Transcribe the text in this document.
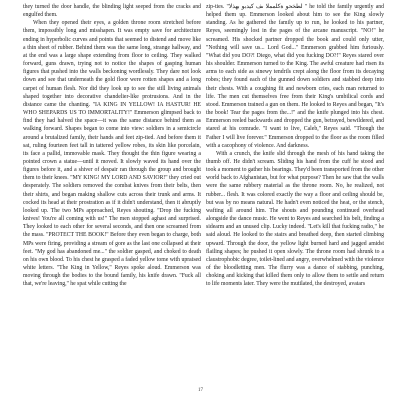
they turned the door handle, the blinding light seeped from the cracks and engulfed them.

When they opened their eyes, a golden throne room stretched before them, impossibly long and misshapen. It was empty save for architecture ending in hyperbolic curves and points that seemed to distend and move like a thin sheet of rubber. Behind them was the same long, strange hallway, and at the end was a large shape extending from floor to ceiling. They walked forward, guns drawn, trying not to notice the shapes of gasping human figures that pushed into the walls beckoning wordlessly. They dare not look down and see that underneath the gold floor were rotten shapes and a long carpet of human flesh. Nor did they look up to see the still living animals shaped together into decorative chandelier-like protrusions. And in the distance came the chanting. "IA KING IN YELLOW! IA HASTUR! HE WHO SHEPARDS US TO IMMORTALITY!" Emmerson glimpsed back to find they had halved the space—it was the same distance behind them as walking forward. Shapes began to come into view: soldiers in a semicircle around a brutalized family, their hands and feet zip-tied. And before them it sat, ruling fourteen feet tall in tattered yellow robes, its skin like porcelain, its face a pallid, immovable mask. They thought the thin figure wearing a pointed crown a statue—until it moved. It slowly waved its hand over the figures before it, and a shiver of despair ran through the group and brought them to their knees. "MY KING! MY LORD AND SAVIOR!" they cried out desperately. The soldiers removed the combat knives from their belts, then their shirts, and began making shallow cuts across their trunk and arms. It cocked its head at their prostration as if it didn't understand, then it abruptly looked up. The two MPs approached, Reyes shouting. "Drop the fucking knives! You're all coming with us!" The men stopped aghast and surprised. They looked to each other for several seconds, and then one screamed from the mass. "PROTECT THE BOOK!" Before they even began to charge, both MPs were firing, providing a stream of gore as the last one collapsed at their feet. "My god has abandoned me..." the soldier gasped, and choked to death on his own blood. To his chest he grasped a faded yellow tome with upraised white letters. "The King in Yellow," Reyes spoke aloud. Emmerson was moving through the bodies to the bound family, his knife drawn. "Fuck all that, we're leaving," he spat while cutting the

zip-ties. "لطخحو ةكلمملا ىف كيدبو بهذلا " he told the family urgently and helped them up. Emmerson looked about him to see the King slowly standing. As he gathered the family up to run, he looked to his partner, Reyes, seemingly lost in the pages of the arcane manuscript. "NO!" he screamed. His shocked partner dropped the book and could only utter, "Nothing will save us... Lord God..." Emmerson grabbed him furiously. "What did you DO?! Diego, what did you fucking DO?!" Reyes stared over his shoulder. Emmerson turned to the King. The awful creature had risen its arms to each side as sinewy tendrils crept along the floor from its decaying robes; they found each of the gunned down soldiers and stabbed deep into their chests. With a coughing fit and newborn cries, each man returned to life. The men cut themselves free from their King's umbilical cords and stood. Emmerson trained a gun on them. He looked to Reyes and began, "It's the book! Tear the pages from the...!" and the knife plunged into his chest. Emmerson reeled backwards and dropped the gun, betrayed, bewildered, and stared at his comrade. "I want to live, Caleb," Reyes said. "Though the Father I will live forever." Emmerson dropped to the floor as the room filled with a cacophony of violence. And darkness.

With a crunch, the knife slid through the mesh of his hand taking the thumb off. He didn't scream. Sliding his hand from the cuff he stood and took a moment to gather his bearings. They'd been transported from the other world back to Afghanistan, but for what purpose? Then he saw that the walls were the same rubbery material as the throne room. No, he realized, not rubber... flesh. It was colored exactly the way a floor and ceiling should be, but was by no means natural. He hadn't even noticed the heat, or the stench, wafting all around him. The shouts and pounding continued overhead alongside the dance music. He went to Reyes and searched his belt, finding a sidearm and an unused clip. Lucky indeed. "Let's kill that fucking radio," he said aloud. He looked to the stairs and breathed deep, then started climbing upward. Through the door, the yellow light burned hard and jagged amidst flailing shapes; he pushed it open slowly. The throne room had shrunk to a claustrophobic degree, toilet-lined and angry, overwhelmed with the violence of the bloodletting men. The flurry was a dance of stabbing, punching, choking and kicking that killed them only to allow them to settle and return to life moments later. They were the mutilated, the destroyed, avatars

17
